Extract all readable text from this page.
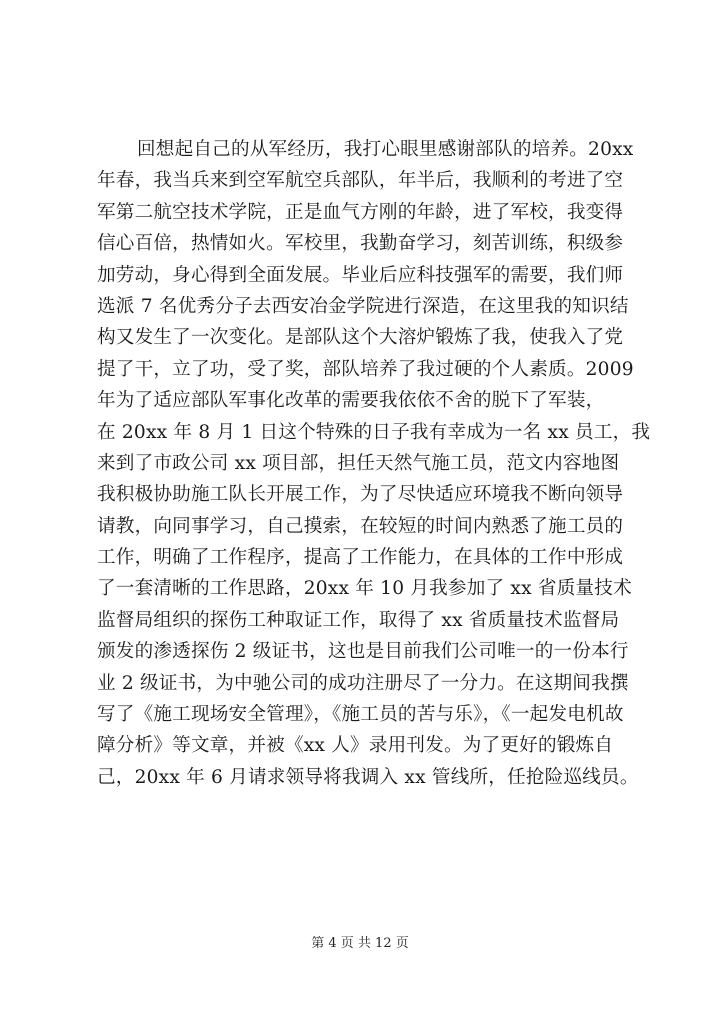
回想起自己的从军经历，我打心眼里感谢部队的培养。20xx
年春，我当兵来到空军航空兵部队，年半后，我顺利的考进了空
军第二航空技术学院，正是血气方刚的年龄，进了军校，我变得
信心百倍，热情如火。军校里，我勤奋学习，刻苦训练，积级参
加劳动，身心得到全面发展。毕业后应科技强军的需要，我们师
选派 7 名优秀分子去西安冶金学院进行深造，在这里我的知识结
构又发生了一次变化。是部队这个大溶炉锻炼了我，使我入了党
提了干，立了功，受了奖，部队培养了我过硬的个人素质。2009
年为了适应部队军事化改革的需要我依依不舍的脱下了军装，
在 20xx 年 8 月 1 日这个特殊的日子我有幸成为一名 xx 员工，我
来到了市政公司 xx 项目部，担任天然气施工员，范文内容地图
我积极协助施工队长开展工作，为了尽快适应环境我不断向领导
请教，向同事学习，自己摸索，在较短的时间内熟悉了施工员的
工作，明确了工作程序，提高了工作能力，在具体的工作中形成
了一套清晰的工作思路，20xx 年 10 月我参加了 xx 省质量技术
监督局组织的探伤工种取证工作，取得了 xx 省质量技术监督局
颁发的渗透探伤 2 级证书，这也是目前我们公司唯一的一份本行
业 2 级证书，为中驰公司的成功注册尽了一分力。在这期间我撰
写了《施工现场安全管理》，《施工员的苦与乐》，《一起发电机故
障分析》等文章，并被《xx 人》录用刊发。为了更好的锻炼自
己，20xx 年 6 月请求领导将我调入 xx 管线所，任抢险巡线员。
第 4 页 共 12 页
